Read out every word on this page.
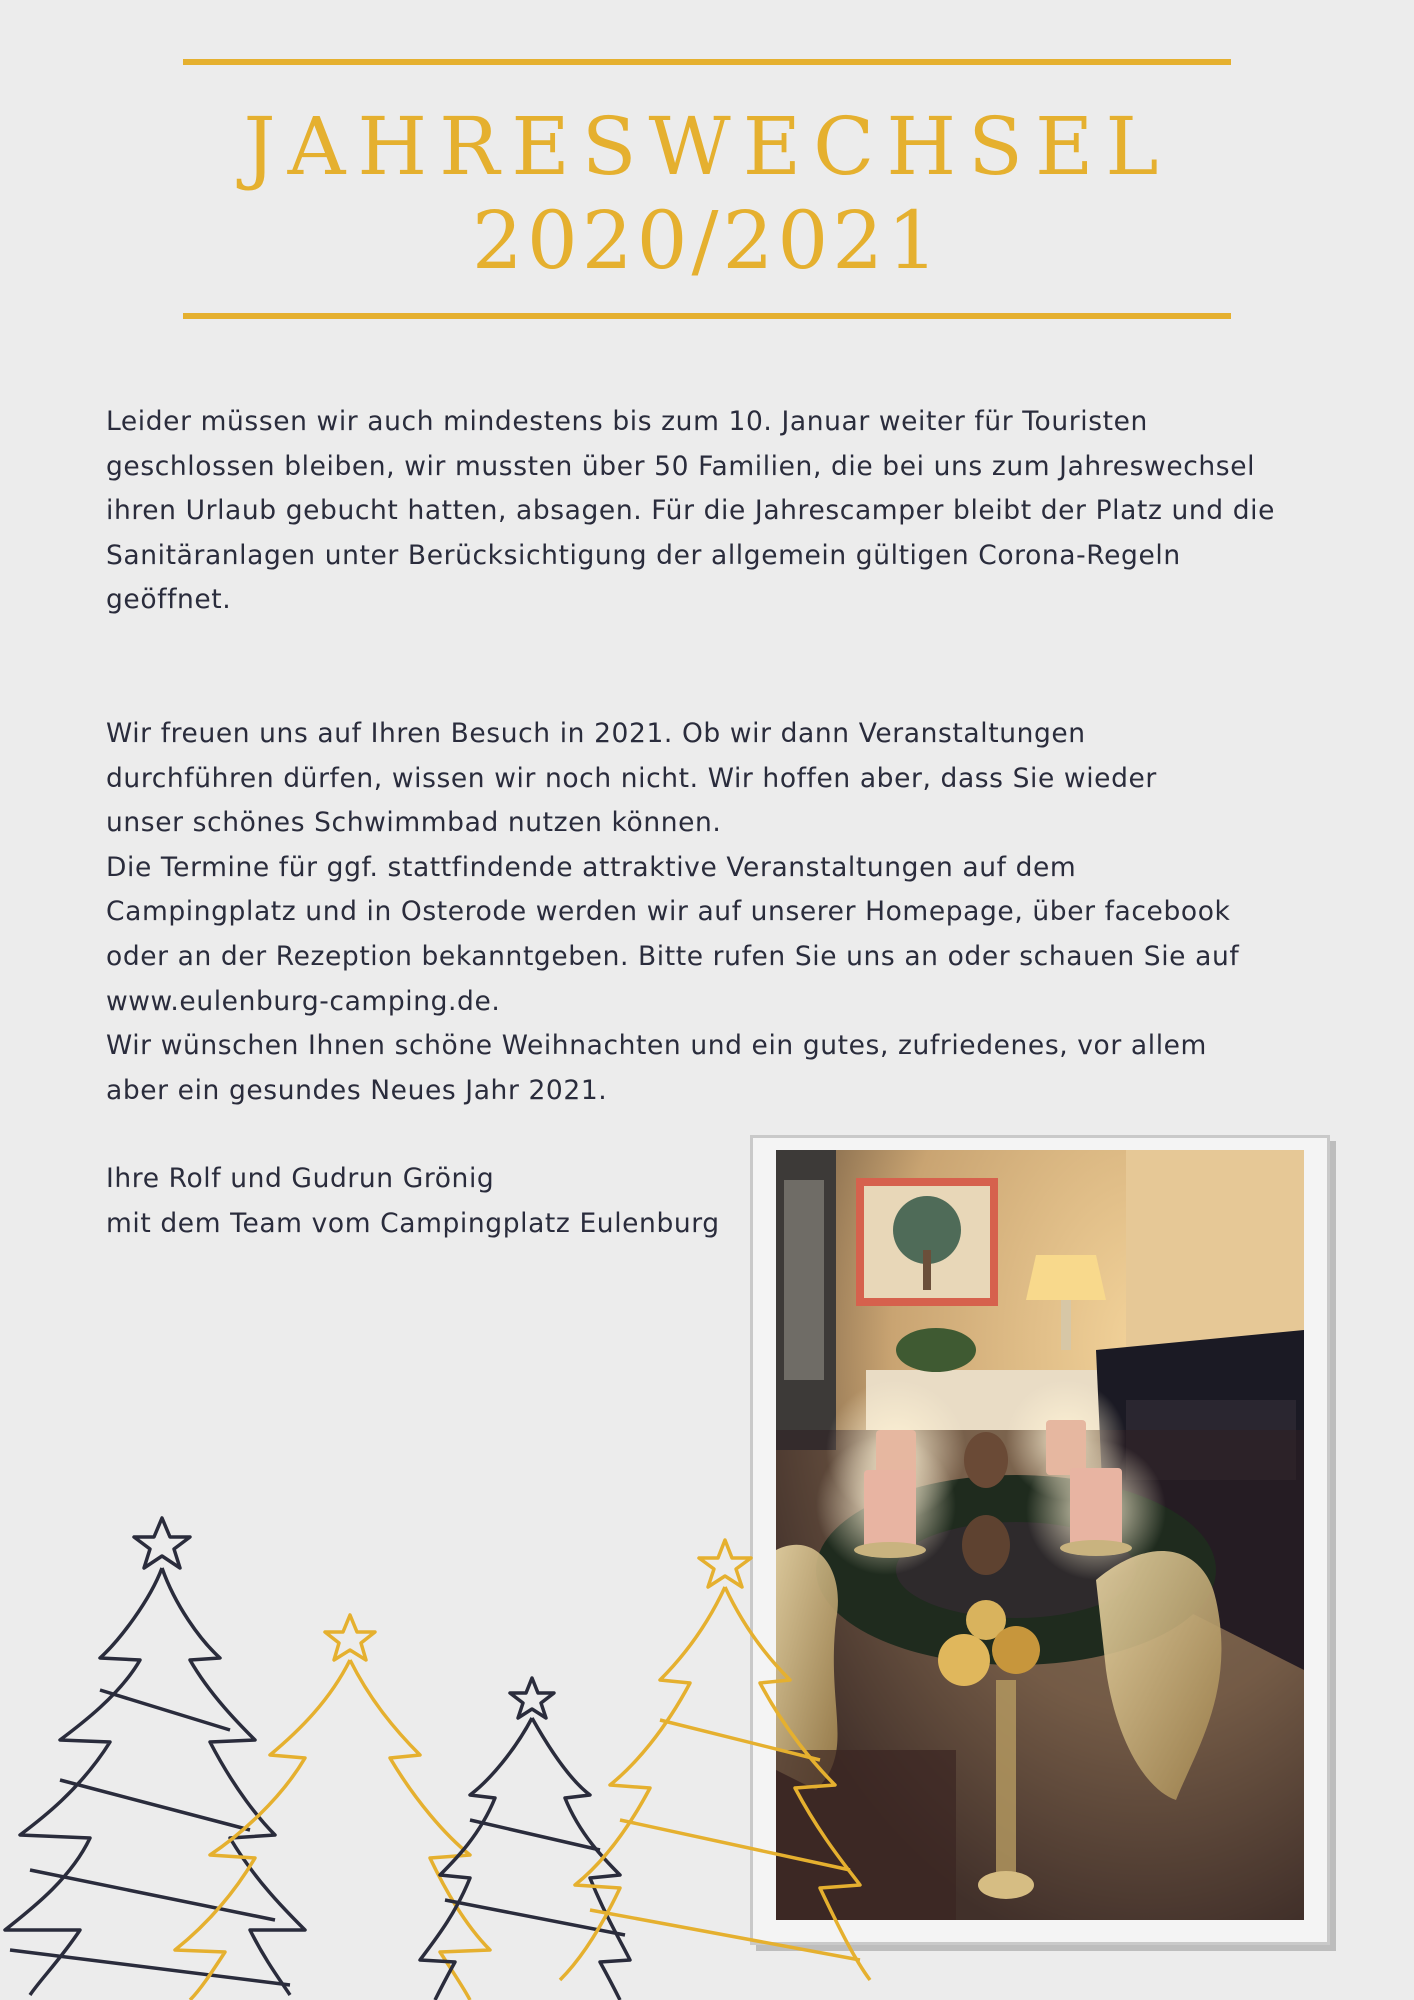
JAHRESWECHSEL
2020/2021

Leider müssen wir auch mindestens bis zum 10. Januar weiter für Touristen
geschlossen bleiben, wir mussten über 50 Familien, die bei uns zum Jahreswechsel
ihren Urlaub gebucht hatten, absagen. Für die Jahrescamper bleibt der Platz und die
Sanitäranlagen unter Berücksichtigung der allgemein gültigen Corona-Regeln
geöffnet.

Wir freuen uns auf Ihren Besuch in 2021. Ob wir dann Veranstaltungen
durchführen dürfen, wissen wir noch nicht. Wir hoffen aber, dass Sie wieder
unser schönes Schwimmbad nutzen können.
Die Termine für ggf. stattfindende attraktive Veranstaltungen auf dem
Campingplatz und in Osterode werden wir auf unserer Homepage, über facebook
oder an der Rezeption bekanntgeben. Bitte rufen Sie uns an oder schauen Sie auf
www.eulenburg-camping.de.
Wir wünschen Ihnen schöne Weihnachten und ein gutes, zufriedenes, vor allem
aber ein gesundes Neues Jahr 2021.

Ihre Rolf und Gudrun Grönig
mit dem Team vom Campingplatz Eulenburg
